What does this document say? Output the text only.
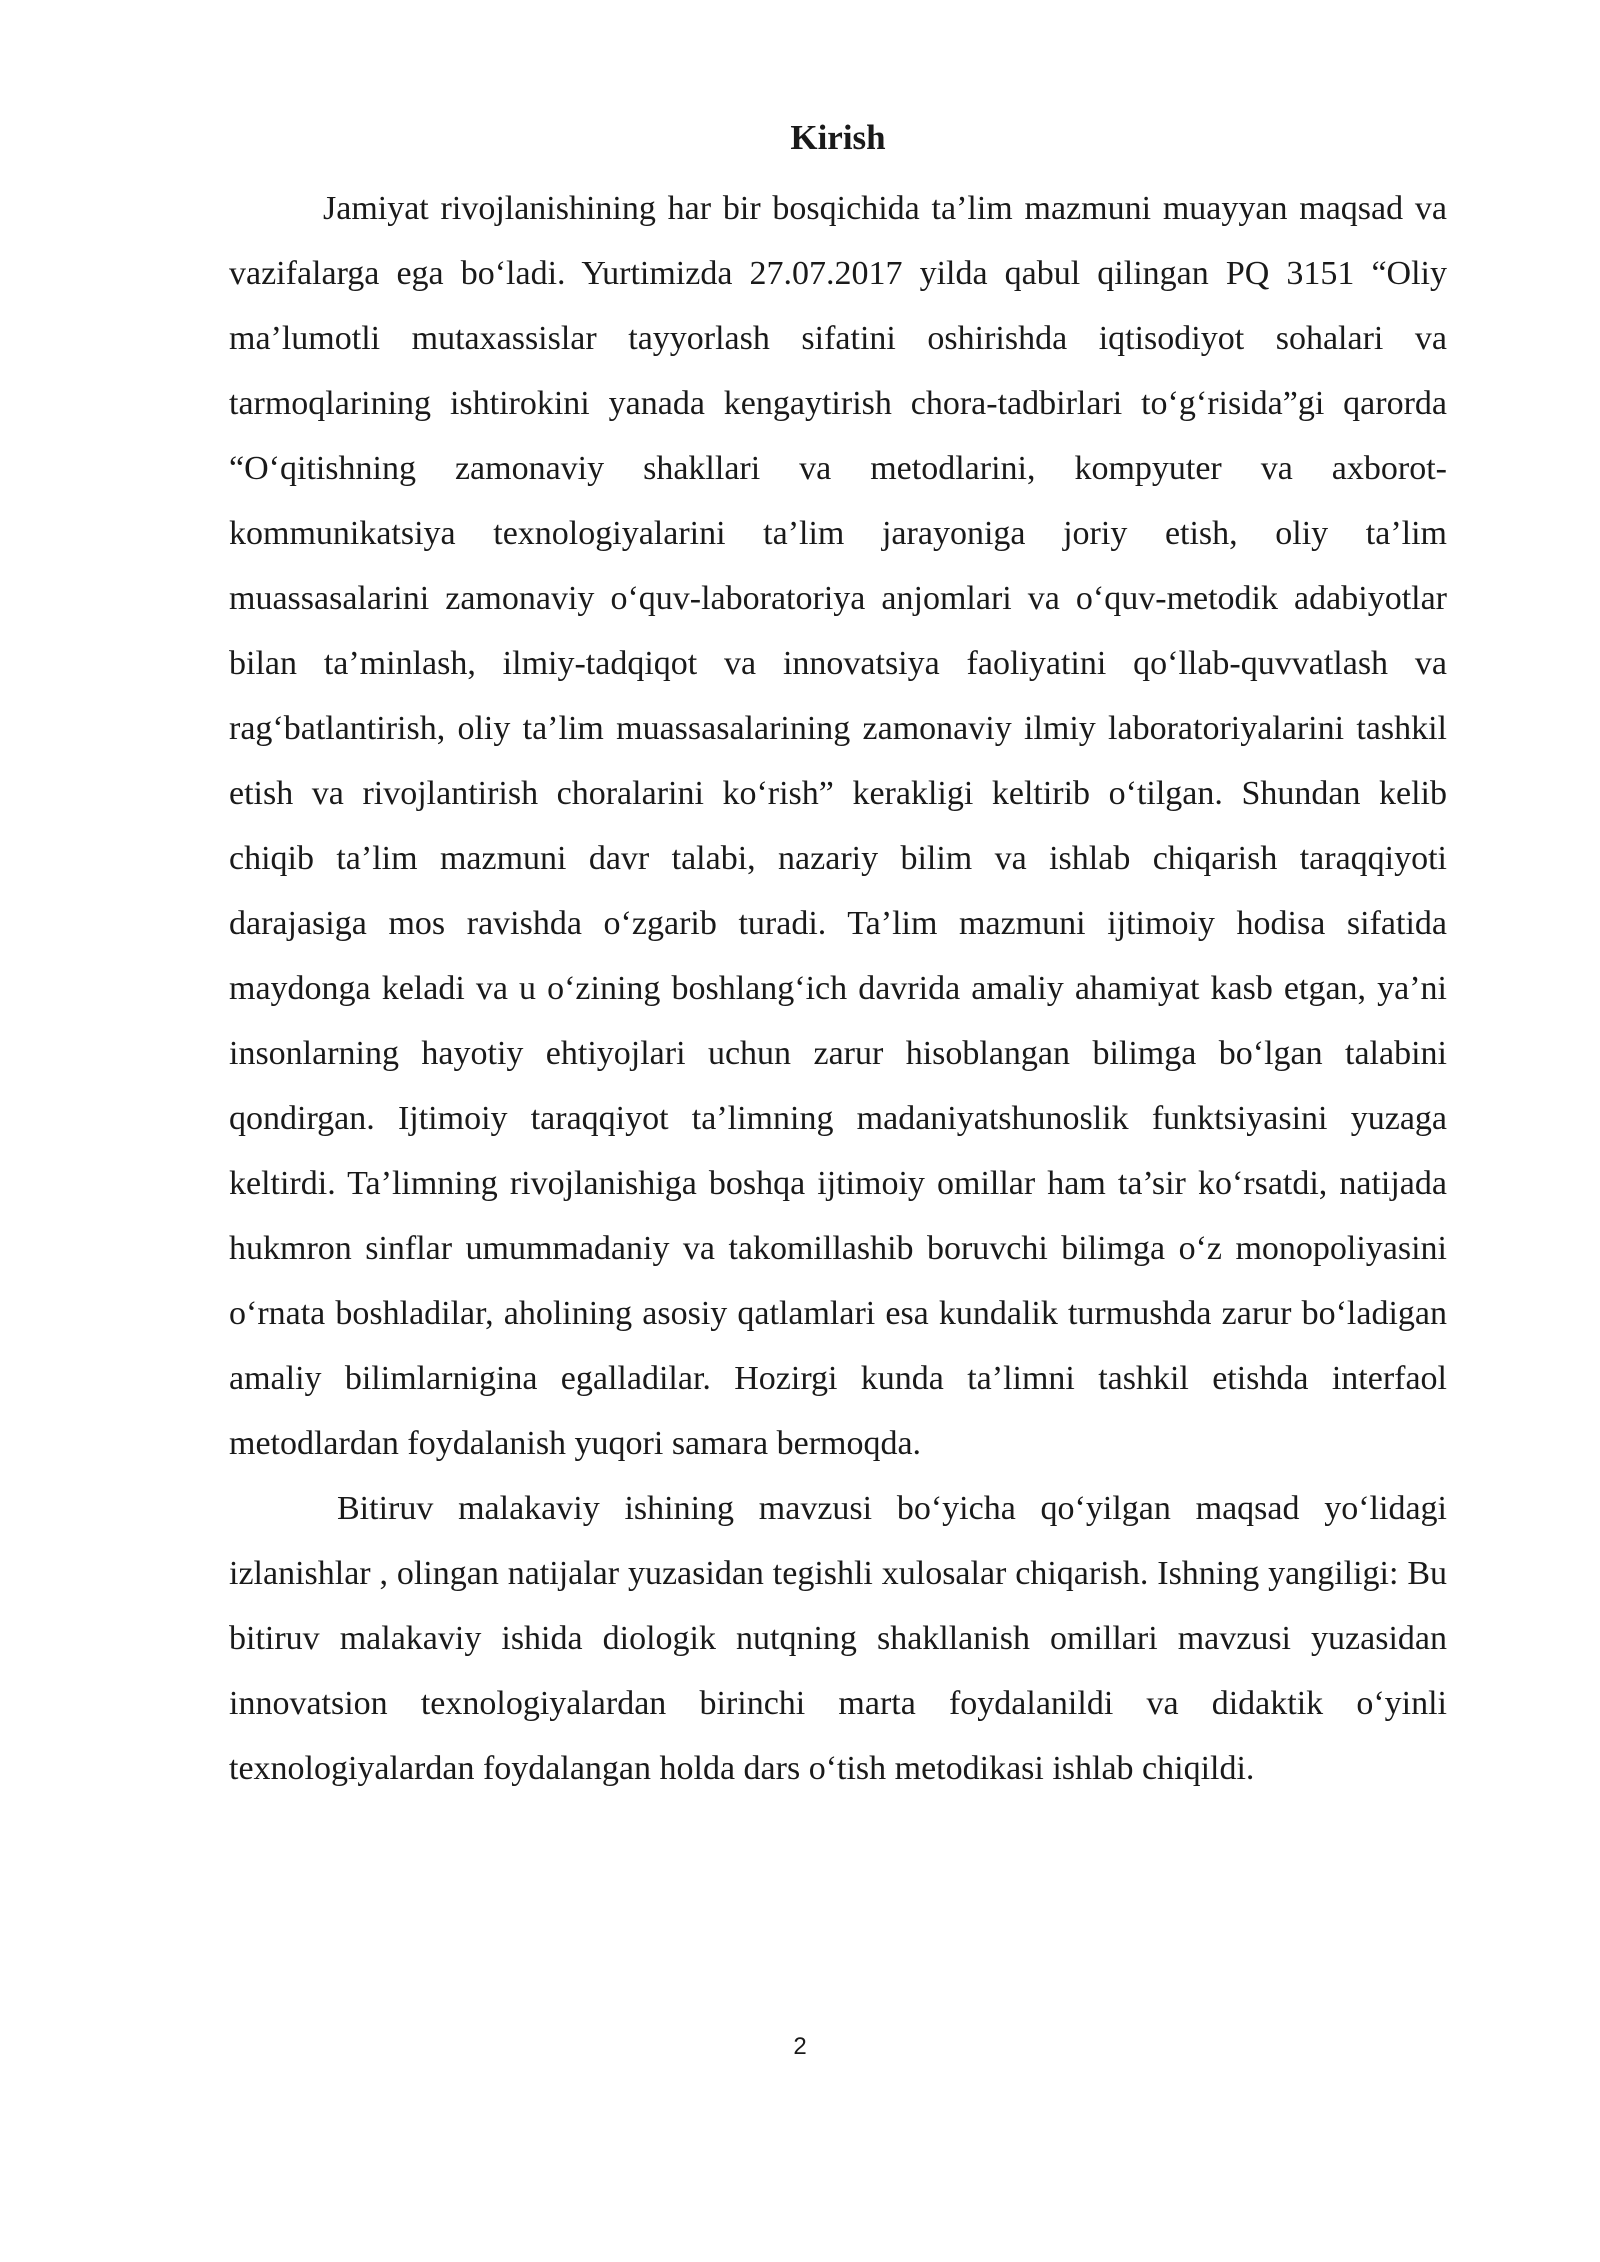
Kirish

Jamiyat rivojlanishining har bir bosqichida ta’lim mazmuni muayyan maqsad va vazifalarga ega bo‘ladi. Yurtimizda 27.07.2017 yilda qabul qilingan PQ 3151 “Oliy ma’lumotli mutaxassislar tayyorlash sifatini oshirishda iqtisodiyot sohalari va tarmoqlarining ishtirokini yanada kengaytirish chora-tadbirlari to‘g‘risida”gi qarorda “O‘qitishning zamonaviy shakllari va metodlarini, kompyuter va axborot-kommunikatsiya texnologiyalarini ta’lim jarayoniga joriy etish, oliy ta’lim muassasalarini zamonaviy o‘quv-laboratoriya anjomlari va o‘quv-metodik adabiyotlar bilan ta’minlash, ilmiy-tadqiqot va innovatsiya faoliyatini qo‘llab-quvvatlash va rag‘batlantirish, oliy ta’lim muassasalarining zamonaviy ilmiy laboratoriyalarini tashkil etish va rivojlantirish choralarini ko‘rish” kerakligi keltirib o‘tilgan. Shundan kelib chiqib ta’lim mazmuni davr talabi, nazariy bilim va ishlab chiqarish taraqqiyoti darajasiga mos ravishda o‘zgarib turadi. Ta’lim mazmuni ijtimoiy hodisa sifatida maydonga keladi va u o‘zining boshlang‘ich davrida amaliy ahamiyat kasb etgan, ya’ni insonlarning hayotiy ehtiyojlari uchun zarur hisoblangan bilimga bo‘lgan talabini qondirgan. Ijtimoiy taraqqiyot ta’limning madaniyatshunoslik funktsiyasini yuzaga keltirdi. Ta’limning rivojlanishiga boshqa ijtimoiy omillar ham ta’sir ko‘rsatdi, natijada hukmron sinflar umummadaniy va takomillashib boruvchi bilimga o‘z monopoliyasini o‘rnata boshladilar, aholining asosiy qatlamlari esa kundalik turmushda zarur bo‘ladigan amaliy bilimlarnigina egalladilar. Hozirgi kunda ta’limni tashkil etishda interfaol metodlardan foydalanish yuqori samara bermoqda.

Bitiruv malakaviy ishining mavzusi bo‘yicha qo‘yilgan maqsad yo‘lidagi izlanishlar , olingan natijalar yuzasidan tegishli xulosalar chiqarish. Ishning yangiligi: Bu bitiruv malakaviy ishida diologik nutqning shakllanish omillari mavzusi yuzasidan innovatsion texnologiyalardan birinchi marta foydalanildi va didaktik o‘yinli texnologiyalardan foydalangan holda dars o‘tish metodikasi ishlab chiqildi.

2
